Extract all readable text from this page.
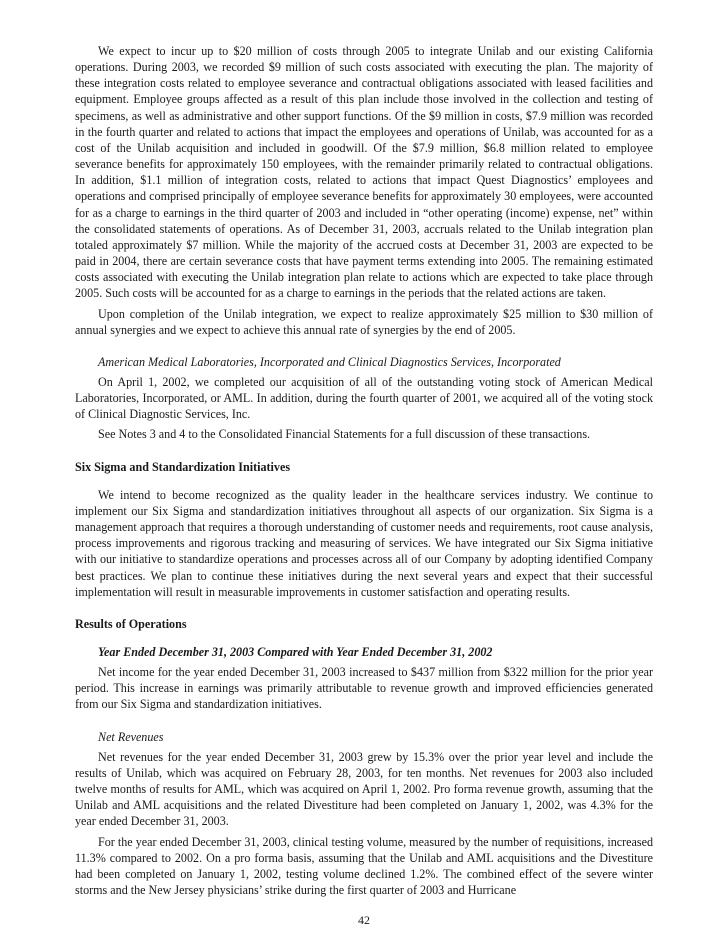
We expect to incur up to $20 million of costs through 2005 to integrate Unilab and our existing California operations. During 2003, we recorded $9 million of such costs associated with executing the plan. The majority of these integration costs related to employee severance and contractual obligations associated with leased facilities and equipment. Employee groups affected as a result of this plan include those involved in the collection and testing of specimens, as well as administrative and other support functions. Of the $9 million in costs, $7.9 million was recorded in the fourth quarter and related to actions that impact the employees and operations of Unilab, was accounted for as a cost of the Unilab acquisition and included in goodwill. Of the $7.9 million, $6.8 million related to employee severance benefits for approximately 150 employees, with the remainder primarily related to contractual obligations. In addition, $1.1 million of integration costs, related to actions that impact Quest Diagnostics’ employees and operations and comprised principally of employee severance benefits for approximately 30 employees, were accounted for as a charge to earnings in the third quarter of 2003 and included in “other operating (income) expense, net” within the consolidated statements of operations. As of December 31, 2003, accruals related to the Unilab integration plan totaled approximately $7 million. While the majority of the accrued costs at December 31, 2003 are expected to be paid in 2004, there are certain severance costs that have payment terms extending into 2005. The remaining estimated costs associated with executing the Unilab integration plan relate to actions which are expected to take place through 2005. Such costs will be accounted for as a charge to earnings in the periods that the related actions are taken.

Upon completion of the Unilab integration, we expect to realize approximately $25 million to $30 million of annual synergies and we expect to achieve this annual rate of synergies by the end of 2005.

American Medical Laboratories, Incorporated and Clinical Diagnostics Services, Incorporated

On April 1, 2002, we completed our acquisition of all of the outstanding voting stock of American Medical Laboratories, Incorporated, or AML. In addition, during the fourth quarter of 2001, we acquired all of the voting stock of Clinical Diagnostic Services, Inc.

See Notes 3 and 4 to the Consolidated Financial Statements for a full discussion of these transactions.

Six Sigma and Standardization Initiatives

We intend to become recognized as the quality leader in the healthcare services industry. We continue to implement our Six Sigma and standardization initiatives throughout all aspects of our organization. Six Sigma is a management approach that requires a thorough understanding of customer needs and requirements, root cause analysis, process improvements and rigorous tracking and measuring of services. We have integrated our Six Sigma initiative with our initiative to standardize operations and processes across all of our Company by adopting identified Company best practices. We plan to continue these initiatives during the next several years and expect that their successful implementation will result in measurable improvements in customer satisfaction and operating results.

Results of Operations

Year Ended December 31, 2003 Compared with Year Ended December 31, 2002

Net income for the year ended December 31, 2003 increased to $437 million from $322 million for the prior year period. This increase in earnings was primarily attributable to revenue growth and improved efficiencies generated from our Six Sigma and standardization initiatives.

Net Revenues

Net revenues for the year ended December 31, 2003 grew by 15.3% over the prior year level and include the results of Unilab, which was acquired on February 28, 2003, for ten months. Net revenues for 2003 also included twelve months of results for AML, which was acquired on April 1, 2002. Pro forma revenue growth, assuming that the Unilab and AML acquisitions and the related Divestiture had been completed on January 1, 2002, was 4.3% for the year ended December 31, 2003.

For the year ended December 31, 2003, clinical testing volume, measured by the number of requisitions, increased 11.3% compared to 2002. On a pro forma basis, assuming that the Unilab and AML acquisitions and the Divestiture had been completed on January 1, 2002, testing volume declined 1.2%. The combined effect of the severe winter storms and the New Jersey physicians’ strike during the first quarter of 2003 and Hurricane

42
